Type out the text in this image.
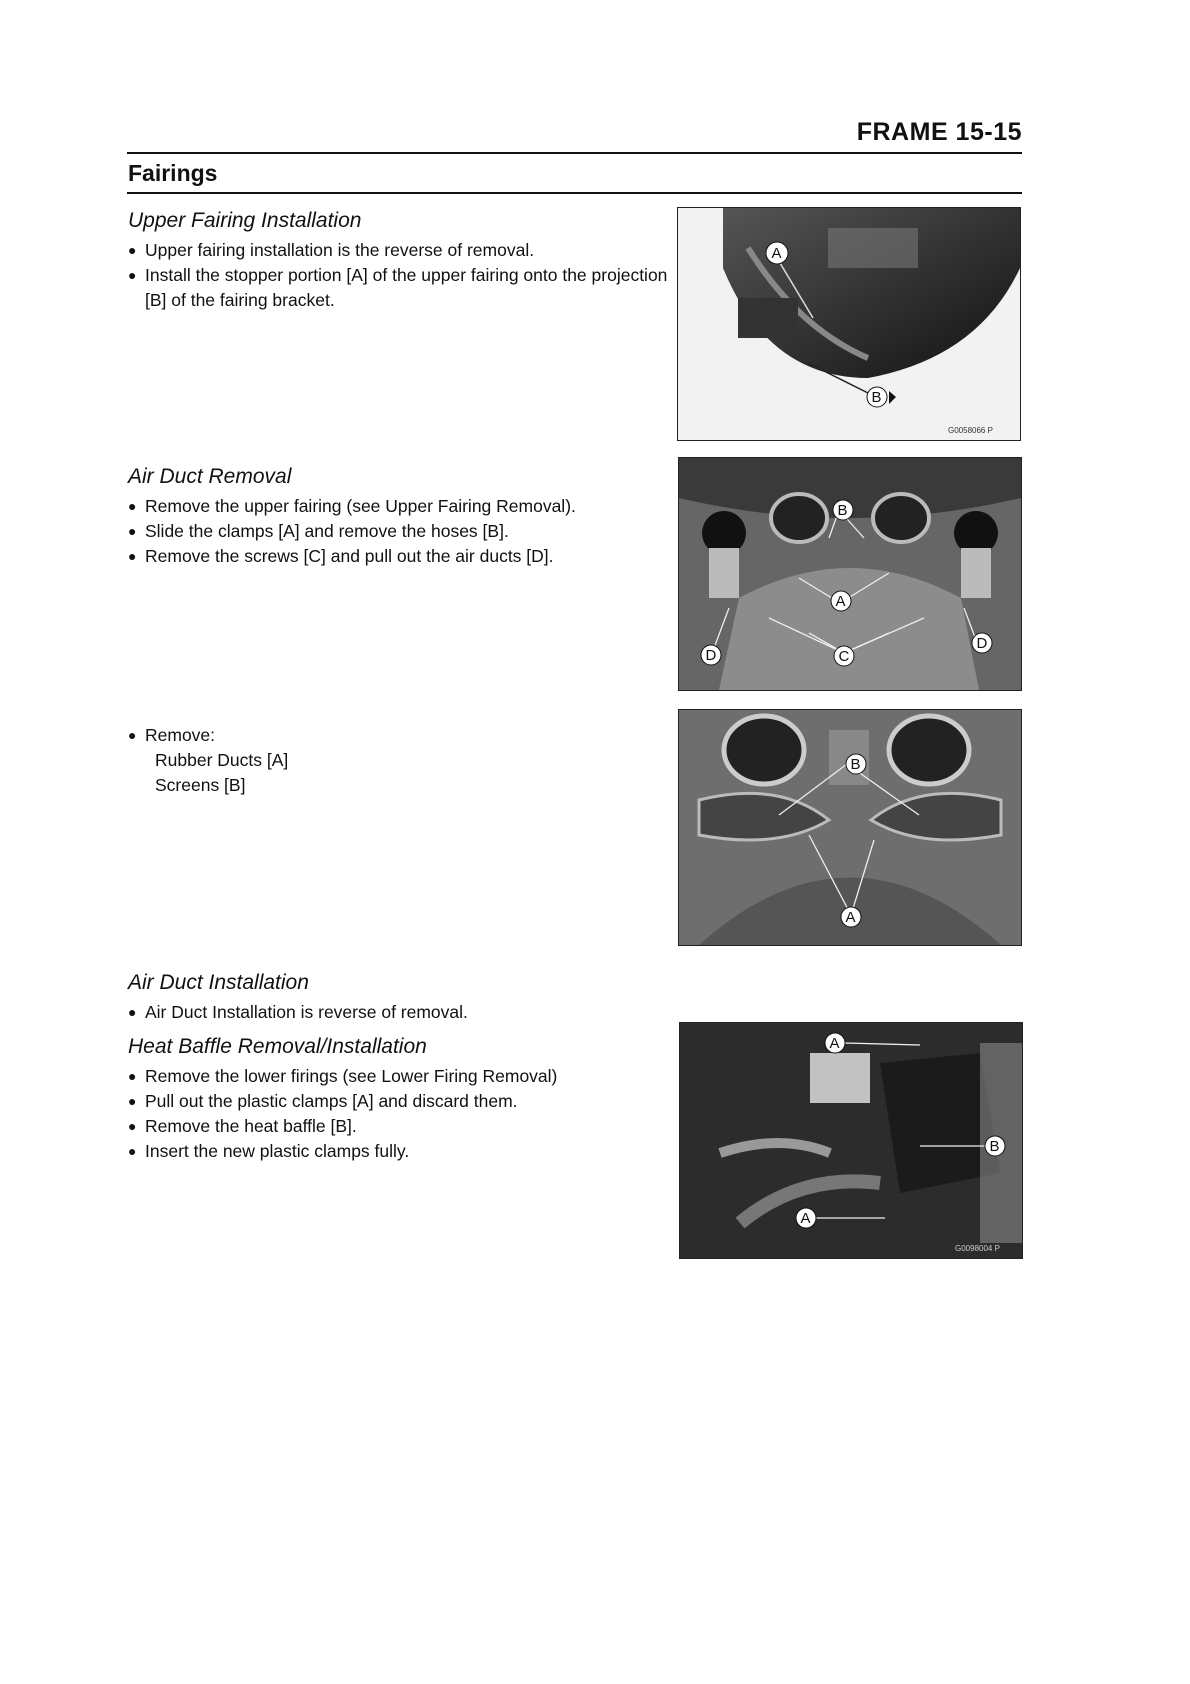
FRAME 15-15
Fairings
Upper Fairing Installation
● Upper fairing installation is the reverse of removal.
● Install the stopper portion [A] of the upper fairing onto the projection [B] of the fairing bracket.
Air Duct Removal
● Remove the upper fairing (see Upper Fairing Removal).
● Slide the clamps [A] and remove the hoses [B].
● Remove the screws [C] and pull out the air ducts [D].
● Remove:
Rubber Ducts [A]
Screens [B]
Air Duct Installation
● Air Duct Installation is reverse of removal.
Heat Baffle Removal/Installation
● Remove the lower firings (see Lower Firing Removal)
● Pull out the plastic clamps [A] and discard them.
● Remove the heat baffle [B].
● Insert the new plastic clamps fully.
A
B
G0058066 P
B
A
C
D
D
B
A
A
A
B
G0098004 P
